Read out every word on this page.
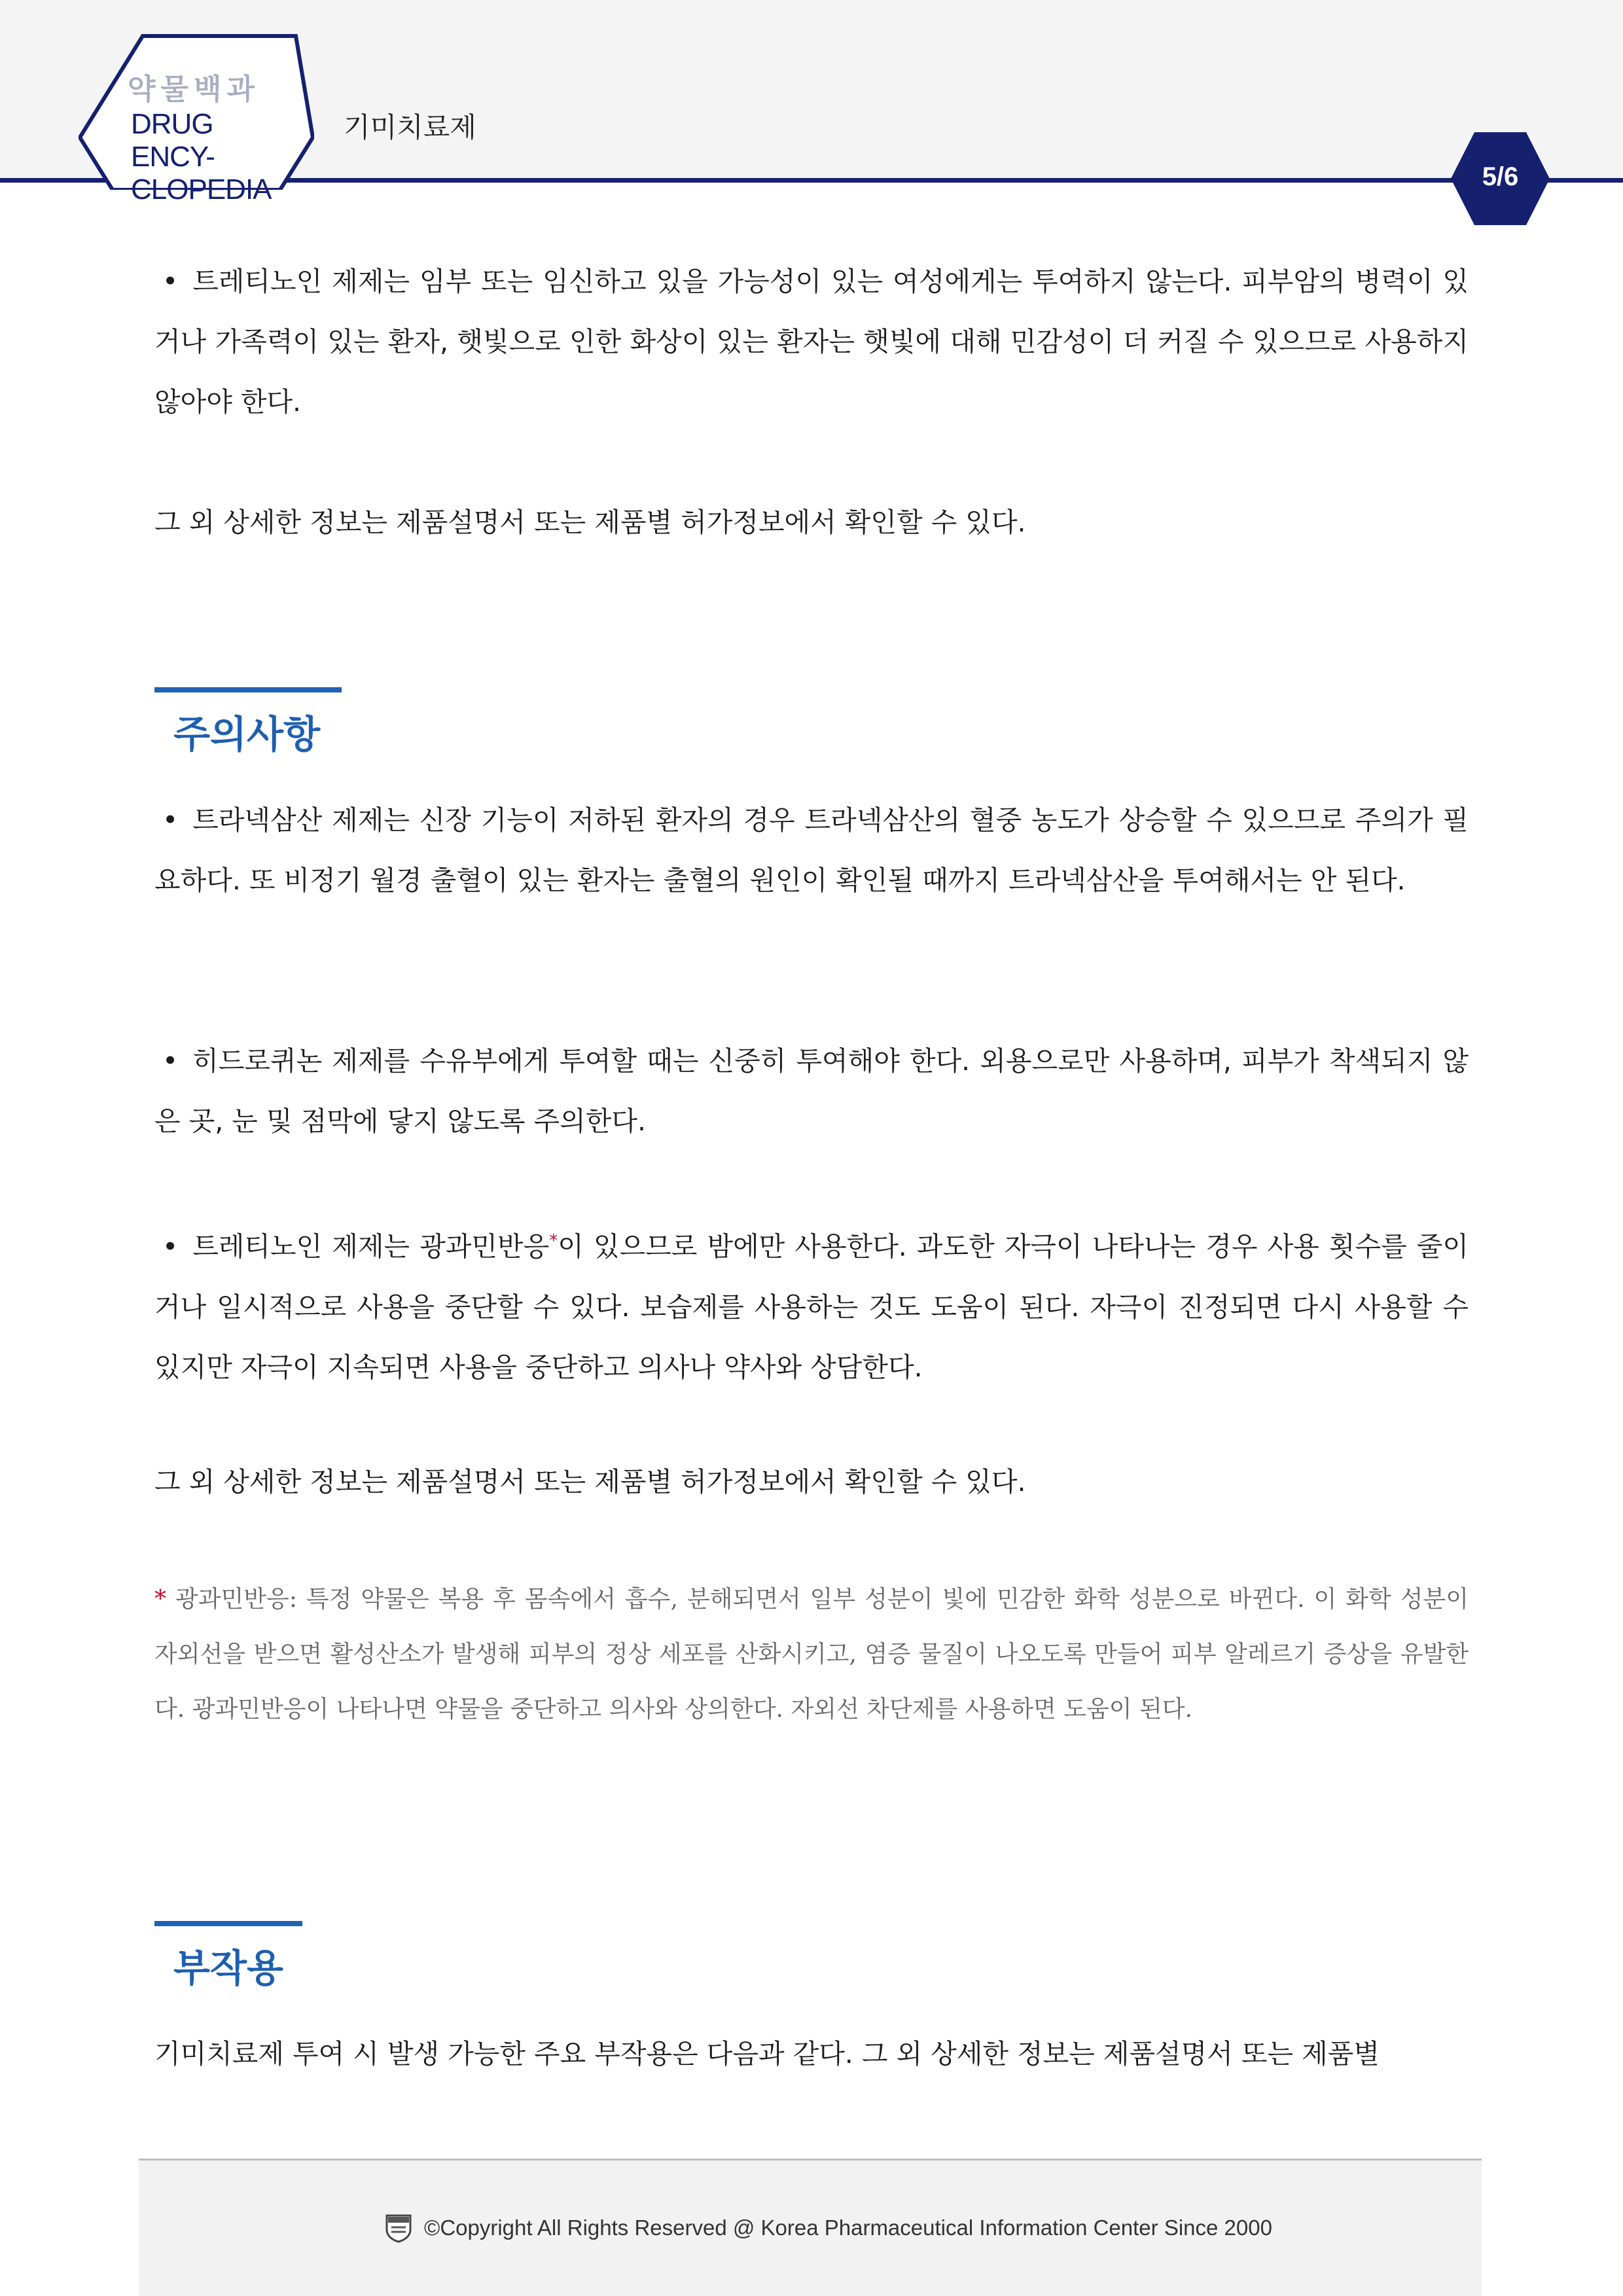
약물백과
DRUG ENCY-
CLOPEDIA
기미치료제
5/6
• 트레티노인 제제는 임부 또는 임신하고 있을 가능성이 있는 여성에게는 투여하지 않는다. 피부암의 병력이 있거나 가족력이 있는 환자, 햇빛으로 인한 화상이 있는 환자는 햇빛에 대해 민감성이 더 커질 수 있으므로 사용하지 않아야 한다.
그 외 상세한 정보는 제품설명서 또는 제품별 허가정보에서 확인할 수 있다.
주의사항
• 트라넥삼산 제제는 신장 기능이 저하된 환자의 경우 트라넥삼산의 혈중 농도가 상승할 수 있으므로 주의가 필요하다. 또 비정기 월경 출혈이 있는 환자는 출혈의 원인이 확인될 때까지 트라넥삼산을 투여해서는 안 된다.
• 히드로퀴논 제제를 수유부에게 투여할 때는 신중히 투여해야 한다. 외용으로만 사용하며, 피부가 착색되지 않은 곳, 눈 및 점막에 닿지 않도록 주의한다.
• 트레티노인 제제는 광과민반응*이 있으므로 밤에만 사용한다. 과도한 자극이 나타나는 경우 사용 횟수를 줄이거나 일시적으로 사용을 중단할 수 있다. 보습제를 사용하는 것도 도움이 된다. 자극이 진정되면 다시 사용할 수 있지만 자극이 지속되면 사용을 중단하고 의사나 약사와 상담한다.
그 외 상세한 정보는 제품설명서 또는 제품별 허가정보에서 확인할 수 있다.
* 광과민반응: 특정 약물은 복용 후 몸속에서 흡수, 분해되면서 일부 성분이 빛에 민감한 화학 성분으로 바뀐다. 이 화학 성분이 자외선을 받으면 활성산소가 발생해 피부의 정상 세포를 산화시키고, 염증 물질이 나오도록 만들어 피부 알레르기 증상을 유발한다. 광과민반응이 나타나면 약물을 중단하고 의사와 상의한다. 자외선 차단제를 사용하면 도움이 된다.
부작용
기미치료제 투여 시 발생 가능한 주요 부작용은 다음과 같다. 그 외 상세한 정보는 제품설명서 또는 제품별
©Copyright All Rights Reserved @ Korea Pharmaceutical Information Center Since 2000
